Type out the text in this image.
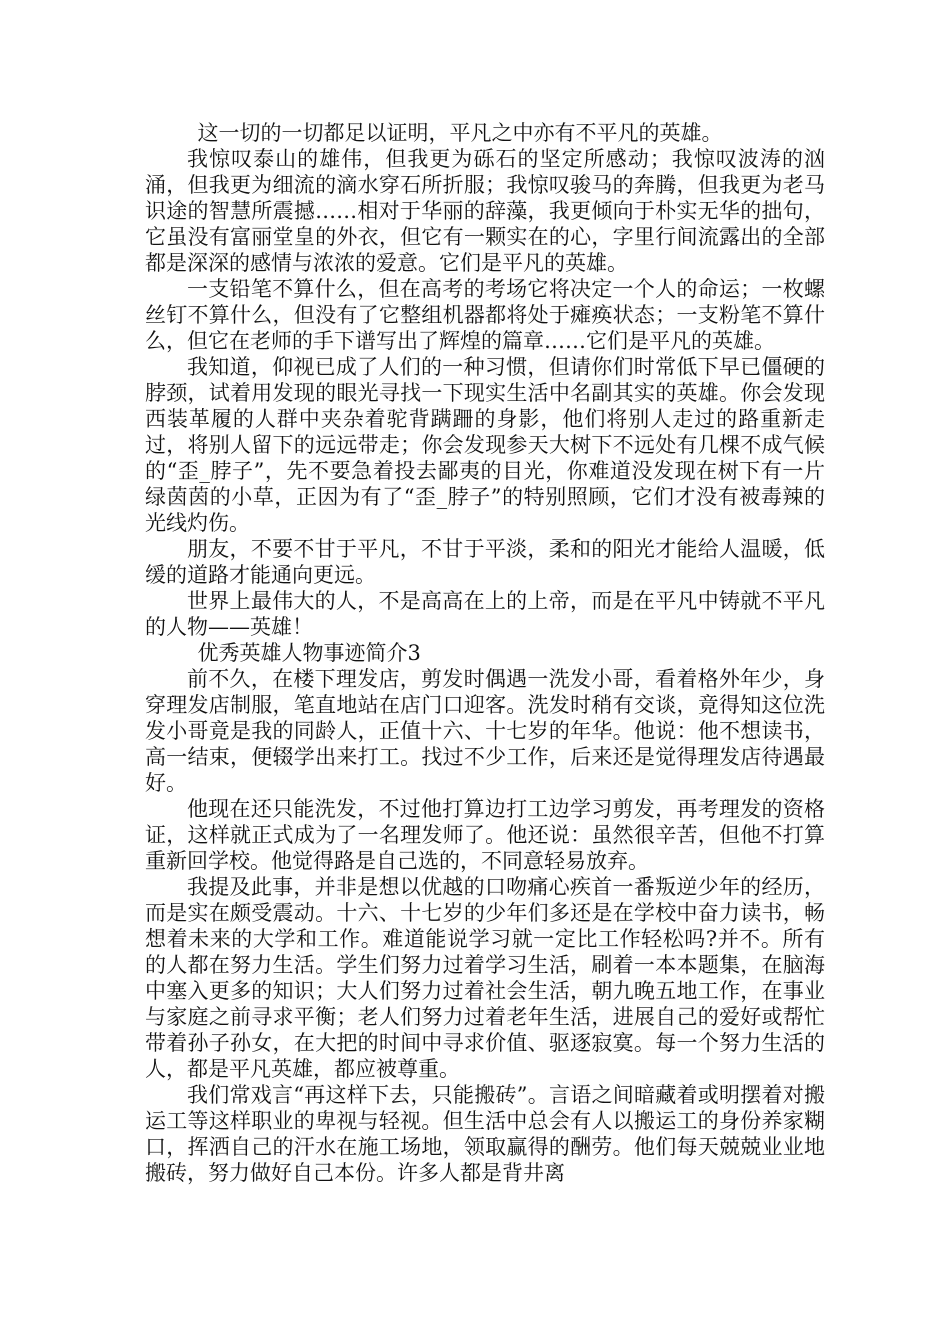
这一切的一切都足以证明，平凡之中亦有不平凡的英雄。

我惊叹泰山的雄伟，但我更为砾石的坚定所感动；我惊叹波涛的汹涌，但我更为细流的滴水穿石所折服；我惊叹骏马的奔腾，但我更为老马识途的智慧所震撼……相对于华丽的辞藻，我更倾向于朴实无华的拙句，它虽没有富丽堂皇的外衣，但它有一颗实在的心，字里行间流露出的全部都是深深的感情与浓浓的爱意。它们是平凡的英雄。

一支铅笔不算什么，但在高考的考场它将决定一个人的命运；一枚螺丝钉不算什么，但没有了它整组机器都将处于瘫痪状态；一支粉笔不算什么，但它在老师的手下谱写出了辉煌的篇章……它们是平凡的英雄。

我知道，仰视已成了人们的一种习惯，但请你们时常低下早已僵硬的脖颈，试着用发现的眼光寻找一下现实生活中名副其实的英雄。你会发现西装革履的人群中夹杂着驼背蹒跚的身影，他们将别人走过的路重新走过，将别人留下的远远带走；你会发现参天大树下不远处有几棵不成气候的“歪_脖子”，先不要急着投去鄙夷的目光，你难道没发现在树下有一片绿茵茵的小草，正因为有了“歪_脖子”的特别照顾，它们才没有被毒辣的光线灼伤。

朋友，不要不甘于平凡，不甘于平淡，柔和的阳光才能给人温暖，低缓的道路才能通向更远。

世界上最伟大的人，不是高高在上的上帝，而是在平凡中铸就不平凡的人物——英雄！

优秀英雄人物事迹简介3

前不久，在楼下理发店，剪发时偶遇一洗发小哥，看着格外年少，身穿理发店制服，笔直地站在店门口迎客。洗发时稍有交谈，竟得知这位洗发小哥竟是我的同龄人，正值十六、十七岁的年华。他说：他不想读书，高一结束，便辍学出来打工。找过不少工作，后来还是觉得理发店待遇最好。

他现在还只能洗发，不过他打算边打工边学习剪发，再考理发的资格证，这样就正式成为了一名理发师了。他还说：虽然很辛苦，但他不打算重新回学校。他觉得路是自己选的，不同意轻易放弃。

我提及此事，并非是想以优越的口吻痛心疾首一番叛逆少年的经历，而是实在颇受震动。十六、十七岁的少年们多还是在学校中奋力读书，畅想着未来的大学和工作。难道能说学习就一定比工作轻松吗?并不。所有的人都在努力生活。学生们努力过着学习生活，刷着一本本题集，在脑海中塞入更多的知识；大人们努力过着社会生活，朝九晚五地工作，在事业与家庭之前寻求平衡；老人们努力过着老年生活，进展自己的爱好或帮忙带着孙子孙女，在大把的时间中寻求价值、驱逐寂寞。每一个努力生活的人，都是平凡英雄，都应被尊重。

我们常戏言“再这样下去，只能搬砖”。言语之间暗藏着或明摆着对搬运工等这样职业的卑视与轻视。但生活中总会有人以搬运工的身份养家糊口，挥洒自己的汗水在施工场地，领取赢得的酬劳。他们每天兢兢业业地搬砖，努力做好自己本份。许多人都是背井离
